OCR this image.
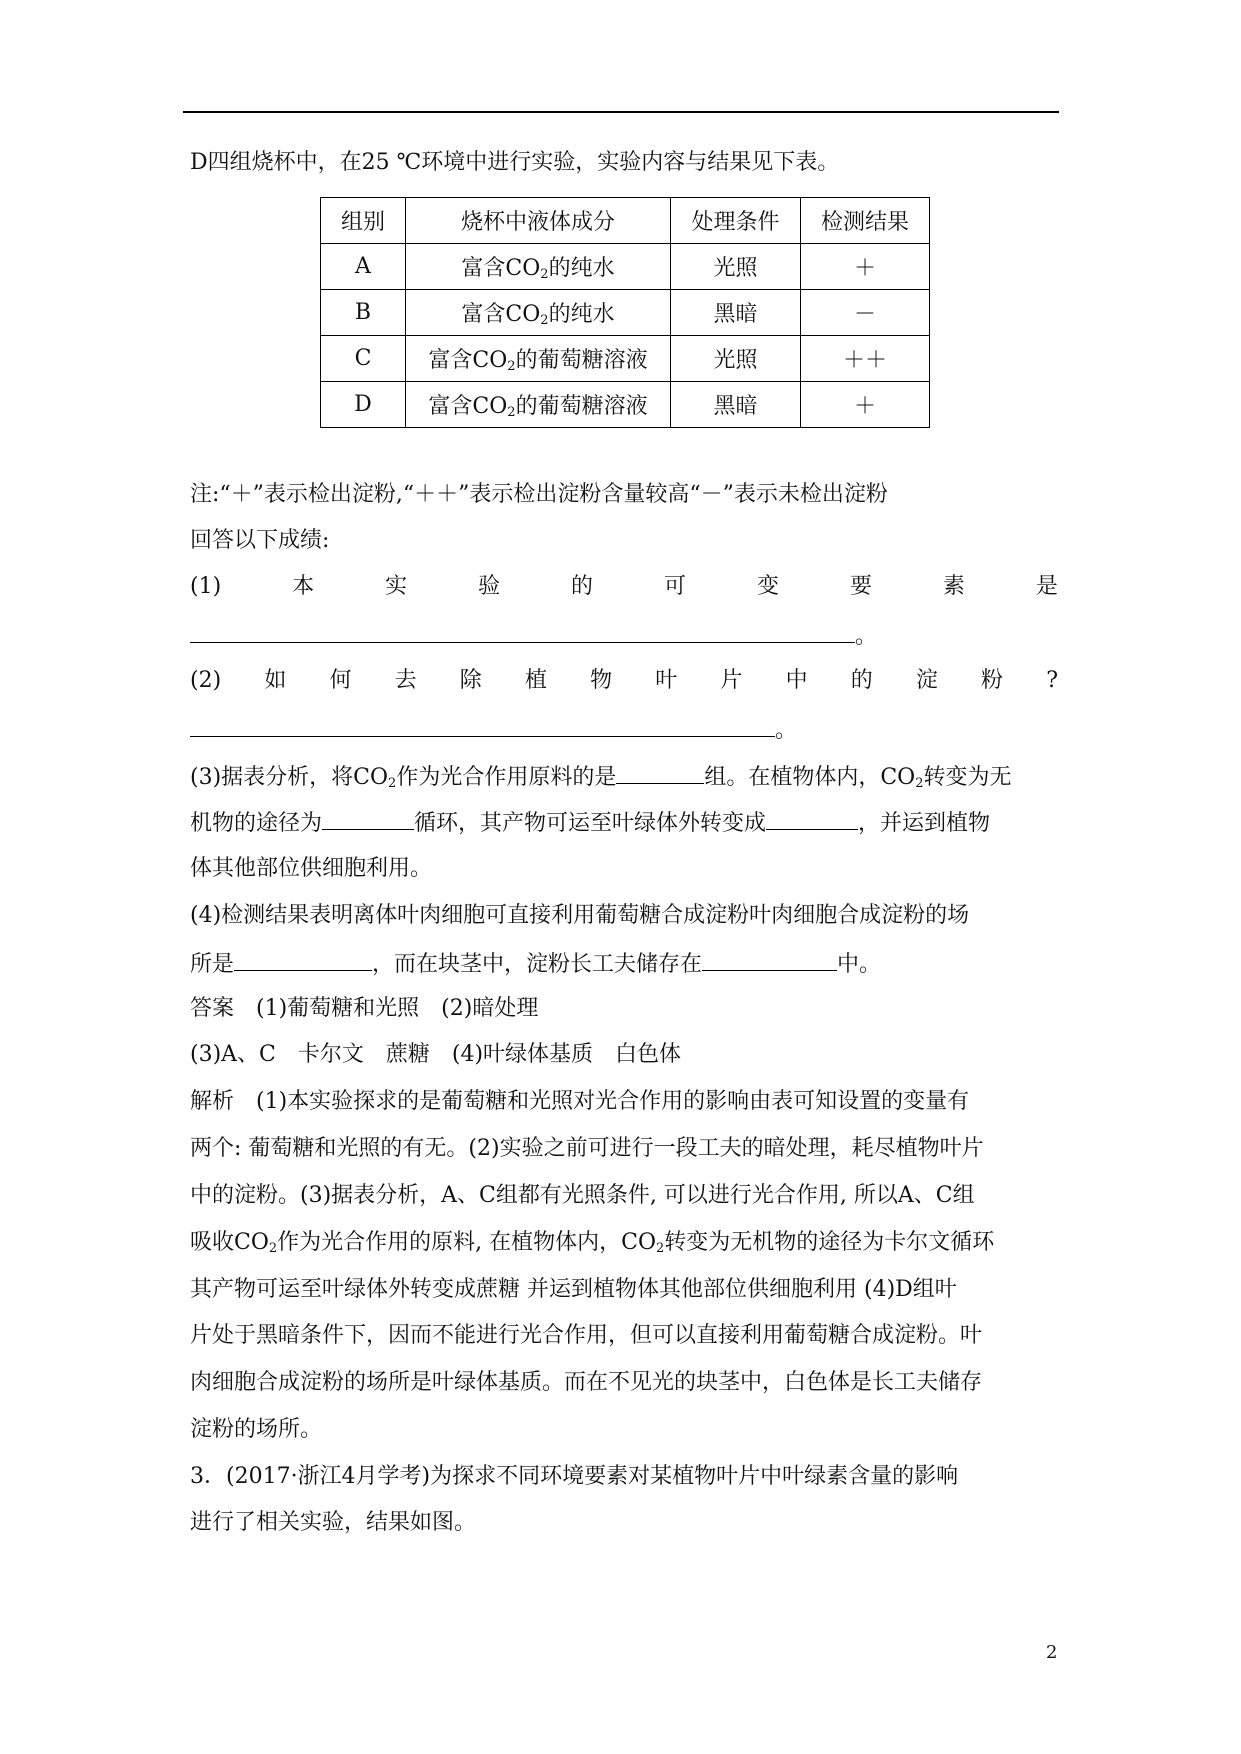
D四组烧杯中，在25 ℃环境中进行实验，实验内容与结果见下表。
组别	烧杯中液体成分	处理条件	检测结果
A	富含$CO_2$的纯水	光照	＋
B	富含$CO_2$的纯水	黑暗	－
C	富含$CO_2$的葡萄糖溶液	光照	＋＋
D	富含$CO_2$的葡萄糖溶液	黑暗	＋
注:“＋”表示检出淀粉,“＋＋”表示检出淀粉含量较高“－”表示未检出淀粉
回答以下成绩:
(1)	本	实	验	的	可	变	要	素	是
。
(2) 如 何 去 除 植 物 叶 片 中 的 淀 粉 ?
。
(3)据表分析，将$CO_2$作为光合作用原料的是	组。在植物体内，$CO_2$转变为无
机物的途径为	循环，其产物可运至叶绿体外转变成	，并运到植物
体其他部位供细胞利用。
(4)检测结果表明离体叶肉细胞可直接利用葡萄糖合成淀粉叶肉细胞合成淀粉的场
所是	，而在块茎中，淀粉长工夫储存在	中。
答案　(1)葡萄糖和光照　(2)暗处理
(3)A、C　卡尔文　蔗糖　(4)叶绿体基质　白色体
解析　(1)本实验探求的是葡萄糖和光照对光合作用的影响由表可知设置的变量有
两个: 葡萄糖和光照的有无。(2)实验之前可进行一段工夫的暗处理，耗尽植物叶片
中的淀粉。(3)据表分析，A、C组都有光照条件, 可以进行光合作用, 所以A、C组
吸收$CO_2$作为光合作用的原料, 在植物体内，$CO_2$转变为无机物的途径为卡尔文循环
其产物可运至叶绿体外转变成蔗糖 并运到植物体其他部位供细胞利用 (4)D组叶
片处于黑暗条件下，因而不能进行光合作用，但可以直接利用葡萄糖合成淀粉。叶
肉细胞合成淀粉的场所是叶绿体基质。而在不见光的块茎中，白色体是长工夫储存
淀粉的场所。
3．(2017·浙江4月学考)为探求不同环境要素对某植物叶片中叶绿素含量的影响
进行了相关实验，结果如图。
2
